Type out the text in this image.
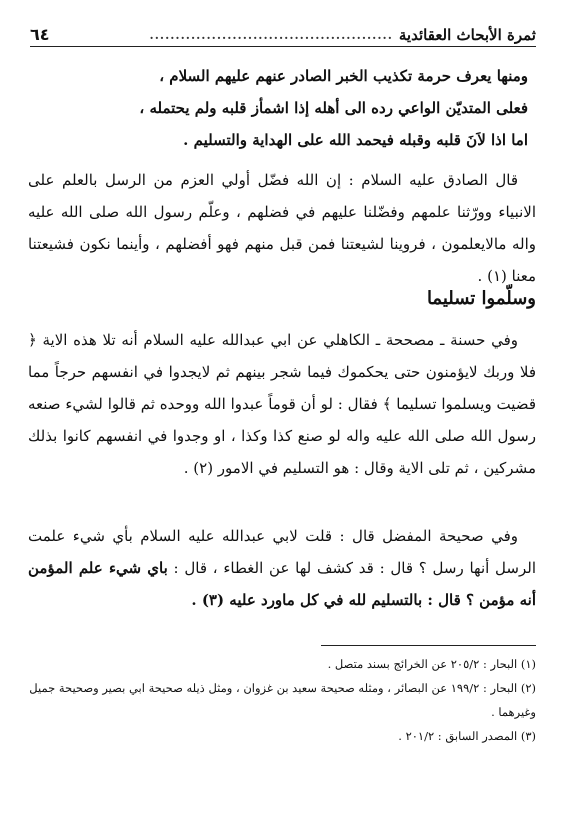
ثمرة الأبحاث العقائدية
...............................................
٦٤

ومنها يعرف حرمة تكذيب الخبر الصادر عنهم عليهم السلام ،

فعلى المتديّن الواعي رده الى أهله إذا اشمأز قلبه ولم يحتمله ،

اما اذا لاَنَ قلبه وقبله فيحمد الله على الهداية والتسليم .

قال الصادق عليه السلام : إن الله فضّل أولي العزم من الرسل بالعلم على الانبياء وورّثنا علمهم وفضّلنا عليهم في فضلهم ، وعلّم رسول الله صلى الله عليه واله مالايعلمون ، فروينا لشيعتنا فمن قبل منهم فهو أفضلهم ، وأينما نكون فشيعتنا معنا (١) .

وسلّموا تسليما

وفي حسنة ـ مصححة ـ الكاهلي عن ابي عبدالله عليه السلام أنه تلا هذه الاية ﴿ فلا وربك لايؤمنون حتى يحكموك فيما شجر بينهم ثم لايجدوا في انفسهم حرجاً مما قضيت ويسلموا تسليما ﴾ فقال : لو أن قوماً عبدوا الله ووحده ثم قالوا لشيء صنعه رسول الله صلى الله عليه واله لو صنع كذا وكذا ، او وجدوا في انفسهم كانوا بذلك مشركين ، ثم تلى الاية وقال : هو التسليم في الامور (٢) .

وفي صحيحة المفضل قال : قلت لابي عبدالله عليه السلام بأي شيء علمت الرسل أنها رسل ؟ قال : قد كشف لها عن الغطاء ، قال : باي شيء علم المؤمن أنه مؤمن ؟ قال : بالتسليم لله في كل ماورد عليه (٣) .

(١) البحار : ٢٠٥/٢ عن الخرائج بسند متصل .

(٢) البحار : ١٩٩/٢ عن البصائر ، ومثله صحيحة سعيد بن غزوان ، ومثل ذيله صحيحة ابي بصير وصحيحة جميل وغيرهما .

(٣) المصدر السابق : ٢٠١/٢ .
